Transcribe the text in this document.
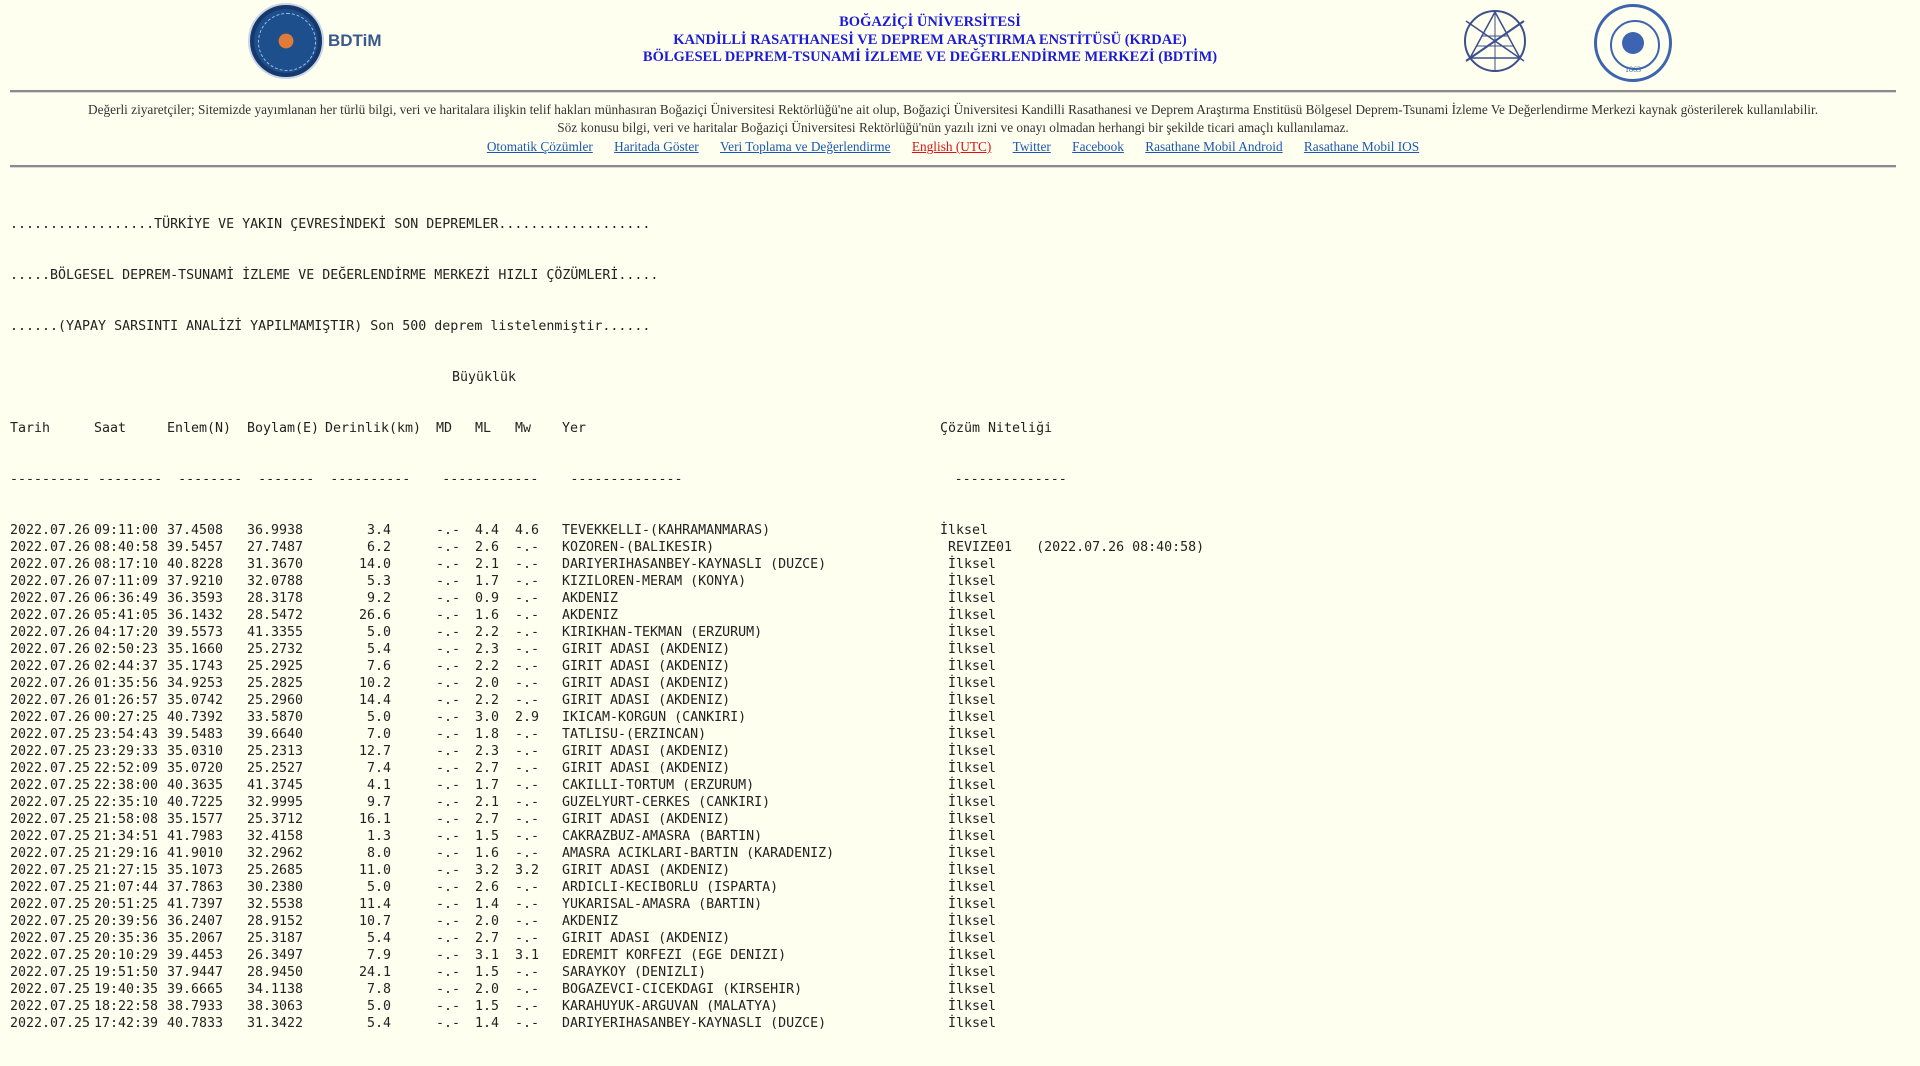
BDTiM
BOĞAZİÇİ ÜNİVERSİTESİ
KANDİLLİ RASATHANESİ VE DEPREM ARAŞTIRMA ENSTİTÜSÜ (KRDAE)
BÖLGESEL DEPREM-TSUNAMİ İZLEME VE DEĞERLENDİRME MERKEZİ (BDTİM)
1863
Değerli ziyaretçiler; Sitemizde yayımlanan her türlü bilgi, veri ve haritalara ilişkin telif hakları münhasıran Boğaziçi Üniversitesi Rektörlüğü'ne ait olup, Boğaziçi Üniversitesi Kandilli Rasathanesi ve Deprem Araştırma Enstitüsü Bölgesel Deprem-Tsunami İzleme Ve Değerlendirme Merkezi kaynak gösterilerek kullanılabilir.
Söz konusu bilgi, veri ve haritalar Boğaziçi Üniversitesi Rektörlüğü'nün yazılı izni ve onayı olmadan herhangi bir şekilde ticari amaçlı kullanılamaz.
Otomatik Çözümler Haritada Göster Veri Toplama ve Değerlendirme English (UTC) Twitter Facebook Rasathane Mobil Android Rasathane Mobil IOS

..................TÜRKİYE VE YAKIN ÇEVRESİNDEKİ SON DEPREMLER...................

.....BÖLGESEL DEPREM-TSUNAMİ İZLEME VE DEĞERLENDİRME MERKEZİ HIZLI ÇÖZÜMLERİ.....

......(YAPAY SARSINTI ANALİZİ YAPILMAMIŞTIR) Son 500 deprem listelenmiştir......

Büyüklük

Tarih	Saat	Enlem(N) Boylam(E) Derinlik(km) MD ML Mw Yer	Çözüm Niteliği

---------- --------  --------  -------  ----------    ------------    --------------                                  --------------

2022.07.26 09:11:00 37.4508 36.9938	3.4	-.- 4.4 4.6 TEVEKKELLI-(KAHRAMANMARAS)	İlksel
2022.07.26 08:40:58 39.5457 27.7487	6.2	-.- 2.6 -.- KOZOREN-(BALIKESIR)	REVIZE01   (2022.07.26 08:40:58)
2022.07.26 08:17:10 40.8228 31.3670	14.0	-.- 2.1 -.- DARIYERIHASANBEY-KAYNASLI (DUZCE)	İlksel
2022.07.26 07:11:09 37.9210 32.0788	5.3	-.- 1.7 -.- KIZILOREN-MERAM (KONYA)	İlksel
2022.07.26 06:36:49 36.3593 28.3178	9.2	-.- 0.9 -.- AKDENIZ	İlksel
2022.07.26 05:41:05 36.1432 28.5472	26.6	-.- 1.6 -.- AKDENIZ	İlksel
2022.07.26 04:17:20 39.5573 41.3355	5.0	-.- 2.2 -.- KIRIKHAN-TEKMAN (ERZURUM)	İlksel
2022.07.26 02:50:23 35.1660 25.2732	5.4	-.- 2.3 -.- GIRIT ADASI (AKDENIZ)	İlksel
2022.07.26 02:44:37 35.1743 25.2925	7.6	-.- 2.2 -.- GIRIT ADASI (AKDENIZ)	İlksel
2022.07.26 01:35:56 34.9253 25.2825	10.2	-.- 2.0 -.- GIRIT ADASI (AKDENIZ)	İlksel
2022.07.26 01:26:57 35.0742 25.2960	14.4	-.- 2.2 -.- GIRIT ADASI (AKDENIZ)	İlksel
2022.07.26 00:27:25 40.7392 33.5870	5.0	-.- 3.0 2.9 IKICAM-KORGUN (CANKIRI)	İlksel
2022.07.25 23:54:43 39.5483 39.6640	7.0	-.- 1.8 -.- TATLISU-(ERZINCAN)	İlksel
2022.07.25 23:29:33 35.0310 25.2313	12.7	-.- 2.3 -.- GIRIT ADASI (AKDENIZ)	İlksel
2022.07.25 22:52:09 35.0720 25.2527	7.4	-.- 2.7 -.- GIRIT ADASI (AKDENIZ)	İlksel
2022.07.25 22:38:00 40.3635 41.3745	4.1	-.- 1.7 -.- CAKILLI-TORTUM (ERZURUM)	İlksel
2022.07.25 22:35:10 40.7225 32.9995	9.7	-.- 2.1 -.- GUZELYURT-CERKES (CANKIRI)	İlksel
2022.07.25 21:58:08 35.1577 25.3712	16.1	-.- 2.7 -.- GIRIT ADASI (AKDENIZ)	İlksel
2022.07.25 21:34:51 41.7983 32.4158	1.3	-.- 1.5 -.- CAKRAZBUZ-AMASRA (BARTIN)	İlksel
2022.07.25 21:29:16 41.9010 32.2962	8.0	-.- 1.6 -.- AMASRA ACIKLARI-BARTIN (KARADENIZ)	İlksel
2022.07.25 21:27:15 35.1073 25.2685	11.0	-.- 3.2 3.2 GIRIT ADASI (AKDENIZ)	İlksel
2022.07.25 21:07:44 37.7863 30.2380	5.0	-.- 2.6 -.- ARDICLI-KECIBORLU (ISPARTA)	İlksel
2022.07.25 20:51:25 41.7397 32.5538	11.4	-.- 1.4 -.- YUKARISAL-AMASRA (BARTIN)	İlksel
2022.07.25 20:39:56 36.2407 28.9152	10.7	-.- 2.0 -.- AKDENIZ	İlksel
2022.07.25 20:35:36 35.2067 25.3187	5.4	-.- 2.7 -.- GIRIT ADASI (AKDENIZ)	İlksel
2022.07.25 20:10:29 39.4453 26.3497	7.9	-.- 3.1 3.1 EDREMIT KORFEZI (EGE DENIZI)	İlksel
2022.07.25 19:51:50 37.9447 28.9450	24.1	-.- 1.5 -.- SARAYKOY (DENIZLI)	İlksel
2022.07.25 19:40:35 39.6665 34.1138	7.8	-.- 2.0 -.- BOGAZEVCI-CICEKDAGI (KIRSEHIR)	İlksel
2022.07.25 18:22:58 38.7933 38.3063	5.0	-.- 1.5 -.- KARAHUYUK-ARGUVAN (MALATYA)	İlksel
2022.07.25 17:42:39 40.7833 31.3422	5.4	-.- 1.4 -.- DARIYERIHASANBEY-KAYNASLI (DUZCE)	İlksel
